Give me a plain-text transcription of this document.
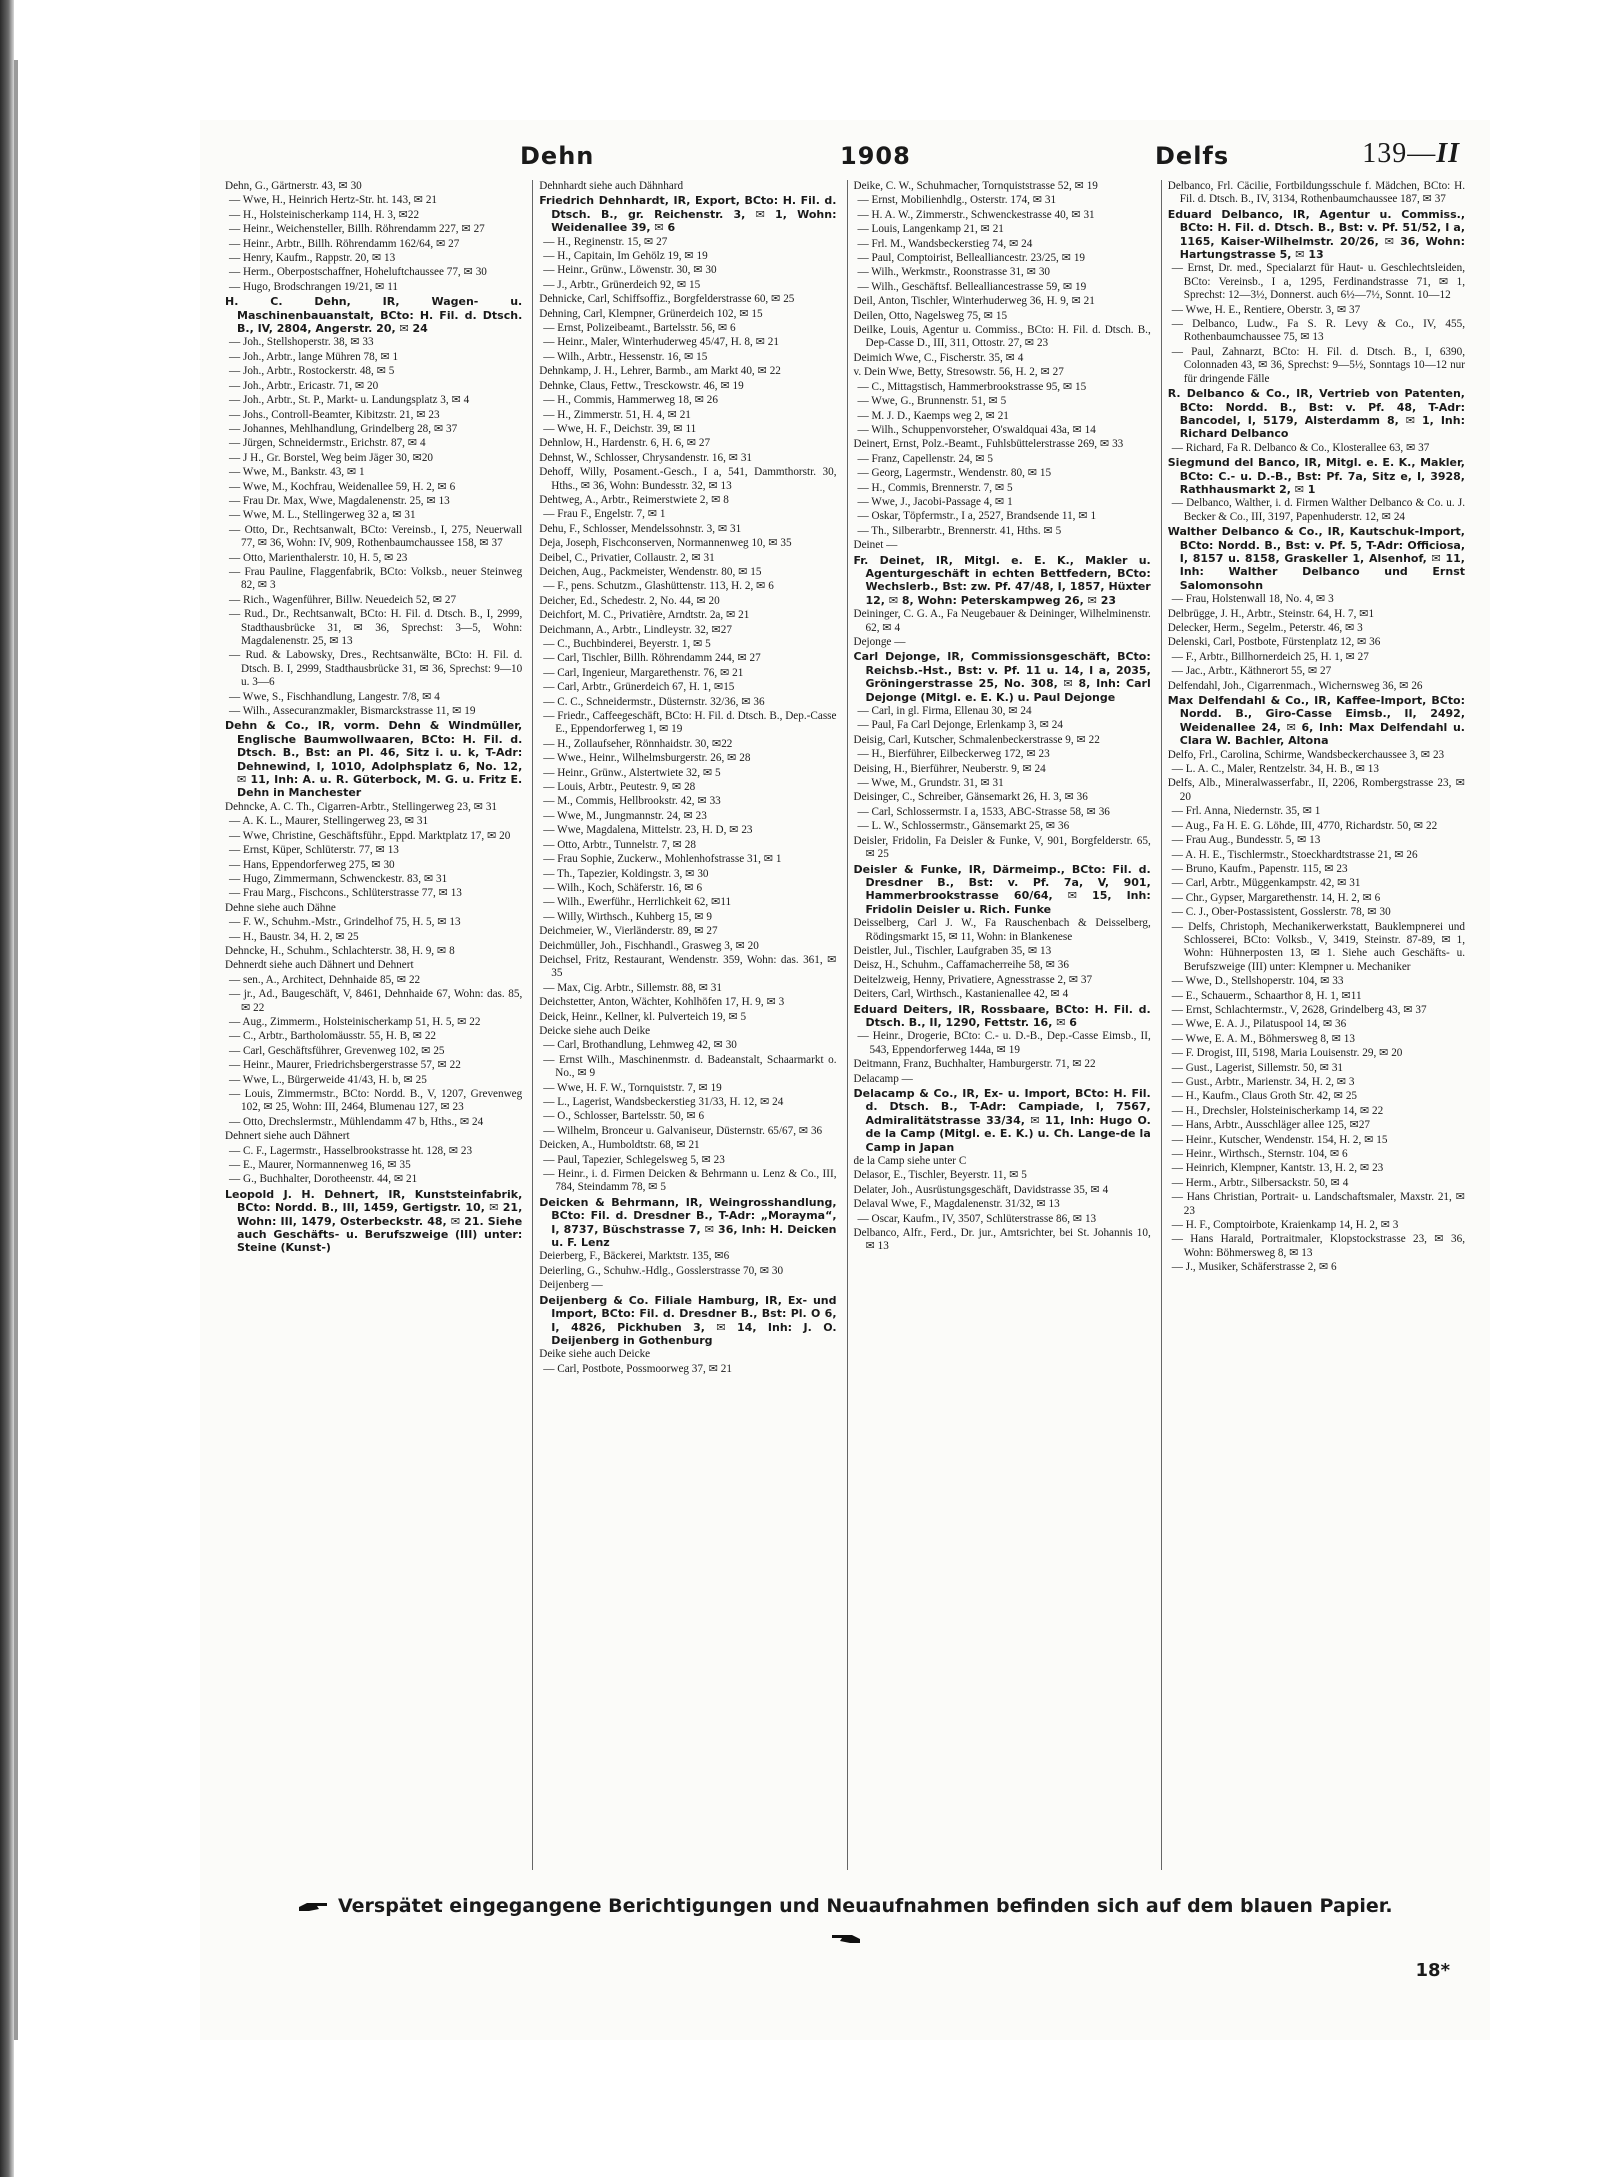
Dehn	1908	Delfs	139—II
Dehn, G., Gärtnerstr. 43, ✉ 30
— Wwe, H., Heinrich Hertz-Str. ht. 143, ✉ 21
— H., Holsteinischerkamp 114, H. 3, ✉22
— Heinr., Weichensteller, Billh. Röhrendamm 227, ✉ 27
— Heinr., Arbtr., Billh. Röhrendamm 162/64, ✉ 27
— Henry, Kaufm., Rappstr. 20, ✉ 13
— Herm., Oberpostschaffner, Hoheluftchaussee 77, ✉ 30
— Hugo, Brodschrangen 19/21, ✉ 11
H. C. Dehn, IR, Wagen- u. Maschinenbauanstalt, BCto: H. Fil. d. Dtsch. B., IV, 2804, Angerstr. 20, ✉ 24
— Joh., Stellshoperstr. 38, ✉ 33
— Joh., Arbtr., lange Mühren 78, ✉ 1
— Joh., Arbtr., Rostockerstr. 48, ✉ 5
— Joh., Arbtr., Ericastr. 71, ✉ 20
— Joh., Arbtr., St. P., Markt- u. Landungsplatz 3, ✉ 4
— Johs., Controll-Beamter, Kibitzstr. 21, ✉ 23
— Johannes, Mehlhandlung, Grindelberg 28, ✉ 37
— Jürgen, Schneidermstr., Erichstr. 87, ✉ 4
— J H., Gr. Borstel, Weg beim Jäger 30, ✉20
— Wwe, M., Bankstr. 43, ✉ 1
— Wwe, M., Kochfrau, Weidenallee 59, H. 2, ✉ 6
— Frau Dr. Max, Wwe, Magdalenenstr. 25, ✉ 13
— Wwe, M. L., Stellingerweg 32 a, ✉ 31
— Otto, Dr., Rechtsanwalt, BCto: Vereinsb., I, 275, Neuerwall 77, ✉ 36, Wohn: IV, 909, Rothenbaumchaussee 158, ✉ 37
— Otto, Marienthalerstr. 10, H. 5, ✉ 23
— Frau Pauline, Flaggenfabrik, BCto: Volksb., neuer Steinweg 82, ✉ 3
— Rich., Wagenführer, Billw. Neuedeich 52, ✉ 27
— Rud., Dr., Rechtsanwalt, BCto: H. Fil. d. Dtsch. B., I, 2999, Stadthausbrücke 31, ✉ 36, Sprechst: 3—5, Wohn: Magdalenenstr. 25, ✉ 13
— Rud. & Labowsky, Dres., Rechtsanwälte, BCto: H. Fil. d. Dtsch. B. I, 2999, Stadthausbrücke 31, ✉ 36, Sprechst: 9—10 u. 3—6
— Wwe, S., Fischhandlung, Langestr. 7/8, ✉ 4
— Wilh., Assecuranzmakler, Bismarckstrasse 11, ✉ 19
Dehn & Co., IR, vorm. Dehn & Windmüller, Englische Baumwollwaaren, BCto: H. Fil. d. Dtsch. B., Bst: an Pl. 46, Sitz i. u. k, T-Adr: Dehnewind, I, 1010, Adolphsplatz 6, No. 12, ✉ 11, Inh: A. u. R. Güterbock, M. G. u. Fritz E. Dehn in Manchester
Dehncke, A. C. Th., Cigarren-Arbtr., Stellingerweg 23, ✉ 31
— A. K. L., Maurer, Stellingerweg 23, ✉ 31
— Wwe, Christine, Geschäftsführ., Eppd. Marktplatz 17, ✉ 20
— Ernst, Küper, Schlüterstr. 77, ✉ 13
— Hans, Eppendorferweg 275, ✉ 30
— Hugo, Zimmermann, Schwenckestr. 83, ✉ 31
— Frau Marg., Fischcons., Schlüterstrasse 77, ✉ 13
Dehne siehe auch Dähne
— F. W., Schuhm.-Mstr., Grindelhof 75, H. 5, ✉ 13
— H., Baustr. 34, H. 2, ✉ 25
Dehncke, H., Schuhm., Schlachterstr. 38, H. 9, ✉ 8
Dehnerdt siehe auch Dähnert und Dehnert
— sen., A., Architect, Dehnhaide 85, ✉ 22
— jr., Ad., Baugeschäft, V, 8461, Dehnhaide 67, Wohn: das. 85, ✉ 22
— Aug., Zimmerm., Holsteinischerkamp 51, H. 5, ✉ 22
— C., Arbtr., Bartholomäusstr. 55, H. B, ✉ 22
— Carl, Geschäftsführer, Grevenweg 102, ✉ 25
— Heinr., Maurer, Friedrichsbergerstrasse 57, ✉ 22
— Wwe, L., Bürgerweide 41/43, H. b, ✉ 25
— Louis, Zimmermstr., BCto: Nordd. B., V, 1207, Grevenweg 102, ✉ 25, Wohn: III, 2464, Blumenau 127, ✉ 23
— Otto, Drechslermstr., Mühlendamm 47 b, Hths., ✉ 24
Dehnert siehe auch Dähnert
— C. F., Lagermstr., Hasselbrookstrasse ht. 128, ✉ 23
— E., Maurer, Normannenweg 16, ✉ 35
— G., Buchhalter, Dorotheenstr. 44, ✉ 21
Leopold J. H. Dehnert, IR, Kunststeinfabrik, BCto: Nordd. B., III, 1459, Gertigstr. 10, ✉ 21, Wohn: III, 1479, Osterbeckstr. 48, ✉ 21. Siehe auch Geschäfts- u. Berufszweige (III) unter: Steine (Kunst-)
Dehnhardt siehe auch Dähnhard
Friedrich Dehnhardt, IR, Export, BCto: H. Fil. d. Dtsch. B., gr. Reichenstr. 3, ✉ 1, Wohn: Weidenallee 39, ✉ 6
— H., Reginenstr. 15, ✉ 27
— H., Capitain, Im Gehölz 19, ✉ 19
— Heinr., Grünw., Löwenstr. 30, ✉ 30
— J., Arbtr., Grünerdeich 92, ✉ 15
Dehnicke, Carl, Schiffsoffiz., Borgfelderstrasse 60, ✉ 25
Dehning, Carl, Klempner, Grünerdeich 102, ✉ 15
— Ernst, Polizeibeamt., Bartelsstr. 56, ✉ 6
— Heinr., Maler, Winterhuderweg 45/47, H. 8, ✉ 21
— Wilh., Arbtr., Hessenstr. 16, ✉ 15
Dehnkamp, J. H., Lehrer, Barmb., am Markt 40, ✉ 22
Dehnke, Claus, Fettw., Tresckowstr. 46, ✉ 19
— H., Commis, Hammerweg 18, ✉ 26
— H., Zimmerstr. 51, H. 4, ✉ 21
— Wwe, H. F., Deichstr. 39, ✉ 11
Dehnlow, H., Hardenstr. 6, H. 6, ✉ 27
Dehnst, W., Schlosser, Chrysandenstr. 16, ✉ 31
Dehoff, Willy, Posament.-Gesch., I a, 541, Dammthorstr. 30, Hths., ✉ 36, Wohn: Bundesstr. 32, ✉ 13
Dehtweg, A., Arbtr., Reimerstwiete 2, ✉ 8
— Frau F., Engelstr. 7, ✉ 1
Dehu, F., Schlosser, Mendelssohnstr. 3, ✉ 31
Deja, Joseph, Fischconserven, Normannenweg 10, ✉ 35
Deibel, C., Privatier, Collaustr. 2, ✉ 31
Deichen, Aug., Packmeister, Wendenstr. 80, ✉ 15
— F., pens. Schutzm., Glashüttenstr. 113, H. 2, ✉ 6
Deicher, Ed., Schedestr. 2, No. 44, ✉ 20
Deichfort, M. C., Privatière, Arndtstr. 2a, ✉ 21
Deichmann, A., Arbtr., Lindleystr. 32, ✉27
— C., Buchbinderei, Beyerstr. 1, ✉ 5
— Carl, Tischler, Billh. Röhrendamm 244, ✉ 27
— Carl, Ingenieur, Margarethenstr. 76, ✉ 21
— Carl, Arbtr., Grünerdeich 67, H. 1, ✉15
— C. C., Schneidermstr., Düsternstr. 32/36, ✉ 36
— Friedr., Caffeegeschäft, BCto: H. Fil. d. Dtsch. B., Dep.-Casse E., Eppendorferweg 1, ✉ 19
— H., Zollaufseher, Rönnhaidstr. 30, ✉22
— Wwe., Heinr., Wilhelmsburgerstr. 26, ✉ 28
— Heinr., Grünw., Alstertwiete 32, ✉ 5
— Louis, Arbtr., Peutestr. 9, ✉ 28
— M., Commis, Hellbrookstr. 42, ✉ 33
— Wwe, M., Jungmannstr. 24, ✉ 23
— Wwe, Magdalena, Mittelstr. 23, H. D, ✉ 23
— Otto, Arbtr., Tunnelstr. 7, ✉ 28
— Frau Sophie, Zuckerw., Mohlenhofstrasse 31, ✉ 1
— Th., Tapezier, Koldingstr. 3, ✉ 30
— Wilh., Koch, Schäferstr. 16, ✉ 6
— Wilh., Ewerführ., Herrlichkeit 62, ✉11
— Willy, Wirthsch., Kuhberg 15, ✉ 9
Deichmeier, W., Vierländerstr. 89, ✉ 27
Deichmüller, Joh., Fischhandl., Grasweg 3, ✉ 20
Deichsel, Fritz, Restaurant, Wendenstr. 359, Wohn: das. 361, ✉ 35
— Max, Cig. Arbtr., Sillemstr. 88, ✉ 31
Deichstetter, Anton, Wächter, Kohlhöfen 17, H. 9, ✉ 3
Deick, Heinr., Kellner, kl. Pulverteich 19, ✉ 5
Deicke siehe auch Deike
— Carl, Brothandlung, Lehmweg 42, ✉ 30
— Ernst Wilh., Maschinenmstr. d. Badeanstalt, Schaarmarkt o. No., ✉ 9
— Wwe, H. F. W., Tornquiststr. 7, ✉ 19
— L., Lagerist, Wandsbeckerstieg 31/33, H. 12, ✉ 24
— O., Schlosser, Bartelsstr. 50, ✉ 6
— Wilhelm, Bronceur u. Galvaniseur, Düsternstr. 65/67, ✉ 36
Deicken, A., Humboldtstr. 68, ✉ 21
— Paul, Tapezier, Schlegelsweg 5, ✉ 23
— Heinr., i. d. Firmen Deicken & Behrmann u. Lenz & Co., III, 784, Steindamm 78, ✉ 5
Deicken & Behrmann, IR, Weingrosshandlung, BCto: Fil. d. Dresdner B., T-Adr: „Morayma“, I, 8737, Büschstrasse 7, ✉ 36, Inh: H. Deicken u. F. Lenz
Deierberg, F., Bäckerei, Marktstr. 135, ✉6
Deierling, G., Schuhw.-Hdlg., Gosslerstrasse 70, ✉ 30
Deijenberg —
Deijenberg & Co. Filiale Hamburg, IR, Ex- und Import, BCto: Fil. d. Dresdner B., Bst: Pl. O 6, I, 4826, Pickhuben 3, ✉ 14, Inh: J. O. Deijenberg in Gothenburg
Deike siehe auch Deicke
— Carl, Postbote, Possmoorweg 37, ✉ 21
Deike, C. W., Schuhmacher, Tornquiststrasse 52, ✉ 19
— Ernst, Mobilienhdlg., Osterstr. 174, ✉ 31
— H. A. W., Zimmerstr., Schwenckestrasse 40, ✉ 31
— Louis, Langenkamp 21, ✉ 21
— Frl. M., Wandsbeckerstieg 74, ✉ 24
— Paul, Comptoirist, Bellealliancestr. 23/25, ✉ 19
— Wilh., Werkmstr., Roonstrasse 31, ✉ 30
— Wilh., Geschäftsf. Bellealliancestrasse 59, ✉ 19
Deil, Anton, Tischler, Winterhuderweg 36, H. 9, ✉ 21
Deilen, Otto, Nagelsweg 75, ✉ 15
Deilke, Louis, Agentur u. Commiss., BCto: H. Fil. d. Dtsch. B., Dep-Casse D., III, 311, Ottostr. 27, ✉ 23
Deimich Wwe, C., Fischerstr. 35, ✉ 4
v. Dein Wwe, Betty, Stresowstr. 56, H. 2, ✉ 27
— C., Mittagstisch, Hammerbrookstrasse 95, ✉ 15
— Wwe, G., Brunnenstr. 51, ✉ 5
— M. J. D., Kaemps weg 2, ✉ 21
— Wilh., Schuppenvorsteher, O'swaldquai 43a, ✉ 14
Deinert, Ernst, Polz.-Beamt., Fuhlsbüttelerstrasse 269, ✉ 33
— Franz, Capellenstr. 24, ✉ 5
— Georg, Lagermstr., Wendenstr. 80, ✉ 15
— H., Commis, Brennerstr. 7, ✉ 5
— Wwe, J., Jacobi-Passage 4, ✉ 1
— Oskar, Töpfermstr., I a, 2527, Brandsende 11, ✉ 1
— Th., Silberarbtr., Brennerstr. 41, Hths. ✉ 5
Deinet —
Fr. Deinet, IR, Mitgl. e. E. K., Makler u. Agenturgeschäft in echten Bettfedern, BCto: Wechslerb., Bst: zw. Pf. 47/48, I, 1857, Hüxter 12, ✉ 8, Wohn: Peterskampweg 26, ✉ 23
Deininger, C. G. A., Fa Neugebauer & Deininger, Wilhelminenstr. 62, ✉ 4
Dejonge —
Carl Dejonge, IR, Commissionsgeschäft, BCto: Reichsb.-Hst., Bst: v. Pf. 11 u. 14, I a, 2035, Gröningerstrasse 25, No. 308, ✉ 8, Inh: Carl Dejonge (Mitgl. e. E. K.) u. Paul Dejonge
— Carl, in gl. Firma, Ellenau 30, ✉ 24
— Paul, Fa Carl Dejonge, Erlenkamp 3, ✉ 24
Deisig, Carl, Kutscher, Schmalenbeckerstrasse 9, ✉ 22
— H., Bierführer, Eilbeckerweg 172, ✉ 23
Deising, H., Bierführer, Neuberstr. 9, ✉ 24
— Wwe, M., Grundstr. 31, ✉ 31
Deisinger, C., Schreiber, Gänsemarkt 26, H. 3, ✉ 36
— Carl, Schlossermstr. I a, 1533, ABC-Strasse 58, ✉ 36
— L. W., Schlossermstr., Gänsemarkt 25, ✉ 36
Deisler, Fridolin, Fa Deisler & Funke, V, 901, Borgfelderstr. 65, ✉ 25
Deisler & Funke, IR, Därmeimp., BCto: Fil. d. Dresdner B., Bst: v. Pf. 7a, V, 901, Hammerbrookstrasse 60/64, ✉ 15, Inh: Fridolin Deisler u. Rich. Funke
Deisselberg, Carl J. W., Fa Rauschenbach & Deisselberg, Rödingsmarkt 15, ✉ 11, Wohn: in Blankenese
Deistler, Jul., Tischler, Laufgraben 35, ✉ 13
Deisz, H., Schuhm., Caffamacherreihe 58, ✉ 36
Deitelzweig, Henny, Privatiere, Agnesstrasse 2, ✉ 37
Deiters, Carl, Wirthsch., Kastanienallee 42, ✉ 4
Eduard Deiters, IR, Rossbaare, BCto: H. Fil. d. Dtsch. B., II, 1290, Fettstr. 16, ✉ 6
— Heinr., Drogerie, BCto: C.- u. D.-B., Dep.-Casse Eimsb., II, 543, Eppendorferweg 144a, ✉ 19
Deitmann, Franz, Buchhalter, Hamburgerstr. 71, ✉ 22
Delacamp —
Delacamp & Co., IR, Ex- u. Import, BCto: H. Fil. d. Dtsch. B., T-Adr: Campiade, I, 7567, Admiralitätstrasse 33/34, ✉ 11, Inh: Hugo O. de la Camp (Mitgl. e. E. K.) u. Ch. Lange-de la Camp in Japan
de la Camp siehe unter C
Delasor, E., Tischler, Beyerstr. 11, ✉ 5
Delater, Joh., Ausrüstungsgeschäft, Davidstrasse 35, ✉ 4
Delaval Wwe, F., Magdalenenstr. 31/32, ✉ 13
— Oscar, Kaufm., IV, 3507, Schlüterstrasse 86, ✉ 13
Delbanco, Alfr., Ferd., Dr. jur., Amtsrichter, bei St. Johannis 10, ✉ 13
Delbanco, Frl. Cäcilie, Fortbildungsschule f. Mädchen, BCto: H. Fil. d. Dtsch. B., IV, 3134, Rothenbaumchaussee 187, ✉ 37
Eduard Delbanco, IR, Agentur u. Commiss., BCto: H. Fil. d. Dtsch. B., Bst: v. Pf. 51/52, I a, 1165, Kaiser-Wilhelmstr. 20/26, ✉ 36, Wohn: Hartungstrasse 5, ✉ 13
— Ernst, Dr. med., Specialarzt für Haut- u. Geschlechtsleiden, BCto: Vereinsb., I a, 1295, Ferdinandstrasse 71, ✉ 1, Sprechst: 12—3½, Donnerst. auch 6½—7½, Sonnt. 10—12
— Wwe, H. E., Rentiere, Oberstr. 3, ✉ 37
— Delbanco, Ludw., Fa S. R. Levy & Co., IV, 455, Rothenbaumchaussee 75, ✉ 13
— Paul, Zahnarzt, BCto: H. Fil. d. Dtsch. B., I, 6390, Colonnaden 43, ✉ 36, Sprechst: 9—5½, Sonntags 10—12 nur für dringende Fälle
R. Delbanco & Co., IR, Vertrieb von Patenten, BCto: Nordd. B., Bst: v. Pf. 48, T-Adr: Bancodel, I, 5179, Alsterdamm 8, ✉ 1, Inh: Richard Delbanco
— Richard, Fa R. Delbanco & Co., Klosterallee 63, ✉ 37
Siegmund del Banco, IR, Mitgl. e. E. K., Makler, BCto: C.- u. D.-B., Bst: Pf. 7a, Sitz e, I, 3928, Rathhausmarkt 2, ✉ 1
— Delbanco, Walther, i. d. Firmen Walther Delbanco & Co. u. J. Becker & Co., III, 3197, Papenhuderstr. 12, ✉ 24
Walther Delbanco & Co., IR, Kautschuk-Import, BCto: Nordd. B., Bst: v. Pf. 5, T-Adr: Officiosa, I, 8157 u. 8158, Graskeller 1, Alsenhof, ✉ 11, Inh: Walther Delbanco und Ernst Salomonsohn
— Frau, Holstenwall 18, No. 4, ✉ 3
Delbrügge, J. H., Arbtr., Steinstr. 64, H. 7, ✉1
Delecker, Herm., Segelm., Peterstr. 46, ✉ 3
Delenski, Carl, Postbote, Fürstenplatz 12, ✉ 36
— F., Arbtr., Billhornerdeich 25, H. 1, ✉ 27
— Jac., Arbtr., Käthnerort 55, ✉ 27
Delfendahl, Joh., Cigarrenmach., Wichernsweg 36, ✉ 26
Max Delfendahl & Co., IR, Kaffee-Import, BCto: Nordd. B., Giro-Casse Eimsb., II, 2492, Weidenallee 24, ✉ 6, Inh: Max Delfendahl u. Clara W. Bachler, Altona
Delfo, Frl., Carolina, Schirme, Wandsbeckerchaussee 3, ✉ 23
— L. A. C., Maler, Rentzelstr. 34, H. B., ✉ 13
Delfs, Alb., Mineralwasserfabr., II, 2206, Rombergstrasse 23, ✉ 20
— Frl. Anna, Niedernstr. 35, ✉ 1
— Aug., Fa H. E. G. Löhde, III, 4770, Richardstr. 50, ✉ 22
— Frau Aug., Bundesstr. 5, ✉ 13
— A. H. E., Tischlermstr., Stoeckhardtstrasse 21, ✉ 26
— Bruno, Kaufm., Papenstr. 115, ✉ 23
— Carl, Arbtr., Müggenkampstr. 42, ✉ 31
— Chr., Gypser, Margarethenstr. 14, H. 2, ✉ 6
— C. J., Ober-Postassistent, Gosslerstr. 78, ✉ 30
— Delfs, Christoph, Mechanikerwerkstatt, Bauklempnerei und Schlosserei, BCto: Volksb., V, 3419, Steinstr. 87-89, ✉ 1, Wohn: Hühnerposten 13, ✉ 1. Siehe auch Geschäfts- u. Berufszweige (III) unter: Klempner u. Mechaniker
— Wwe, D., Stellshoperstr. 104, ✉ 33
— E., Schauerm., Schaarthor 8, H. 1, ✉11
— Ernst, Schlachtermstr., V, 2628, Grindelberg 43, ✉ 37
— Wwe, E. A. J., Pilatuspool 14, ✉ 36
— Wwe, E. A. M., Böhmersweg 8, ✉ 13
— F. Drogist, III, 5198, Maria Louisenstr. 29, ✉ 20
— Gust., Lagerist, Sillemstr. 50, ✉ 31
— Gust., Arbtr., Marienstr. 34, H. 2, ✉ 3
— H., Kaufm., Claus Groth Str. 42, ✉ 25
— H., Drechsler, Holsteinischerkamp 14, ✉ 22
— Hans, Arbtr., Ausschläger allee 125, ✉27
— Heinr., Kutscher, Wendenstr. 154, H. 2, ✉ 15
— Heinr., Wirthsch., Sternstr. 104, ✉ 6
— Heinrich, Klempner, Kantstr. 13, H. 2, ✉ 23
— Herm., Arbtr., Silbersackstr. 50, ✉ 4
— Hans Christian, Portrait- u. Landschaftsmaler, Maxstr. 21, ✉ 23
— H. F., Comptoirbote, Kraienkamp 14, H. 2, ✉ 3
— Hans Harald, Portraitmaler, Klopstockstrasse 23, ✉ 36, Wohn: Böhmersweg 8, ✉ 13
— J., Musiker, Schäferstrasse 2, ✉ 6
Verspätet eingegangene Berichtigungen und Neuaufnahmen befinden sich auf dem blauen Papier.
18*
